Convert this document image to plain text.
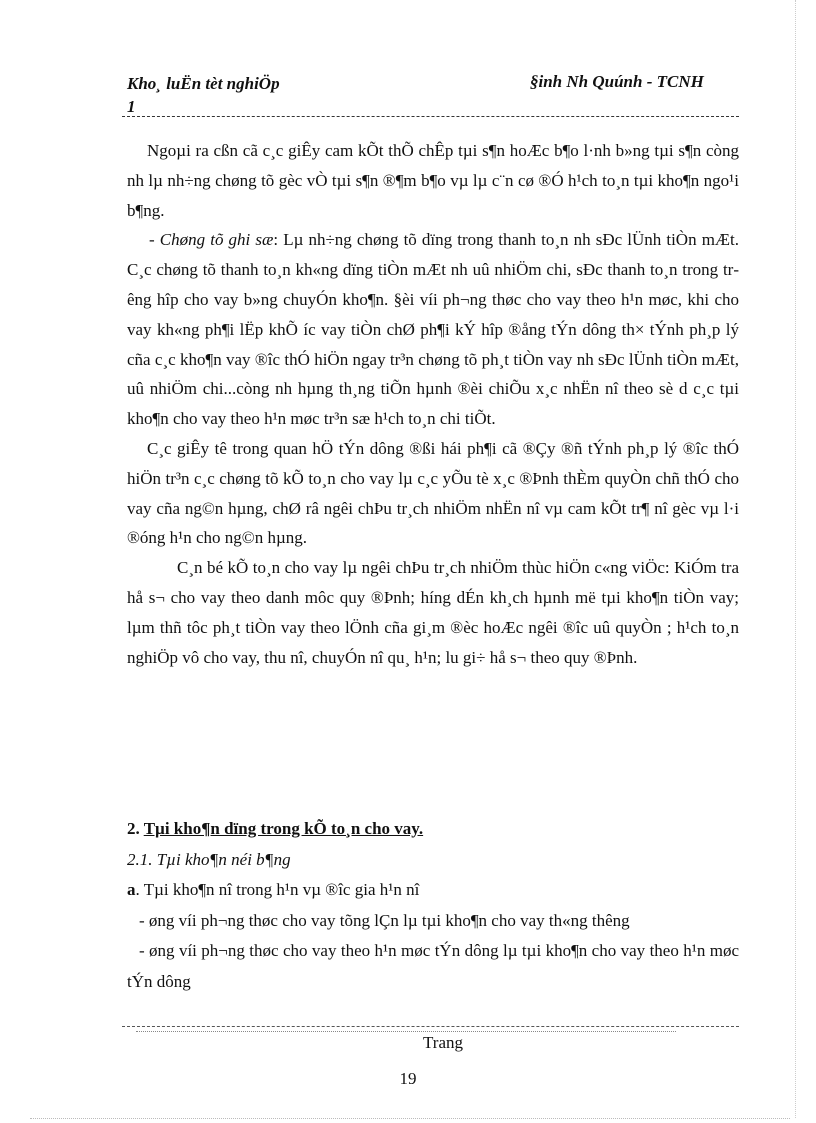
Kho¸ luËn tèt nghiÖp
1
§inh Nh Quúnh - TCNH

Ngoµi ra cßn cã c¸c giÊy cam kÕt thÕ chÊp tµi s¶n hoÆc b¶o l·nh b»ng tµi s¶n còng nh lµ nh÷ng chøng tõ gèc vÒ tµi s¶n ®¶m b¶o vµ lµ c¨n cø ®Ó h¹ch to¸n tµi kho¶n ngo¹i b¶ng.

- Chøng tõ ghi sæ: Lµ nh÷ng chøng tõ dïng trong thanh to¸n nh sÐc lÜnh tiÒn mÆt. C¸c chøng tõ thanh to¸n kh«ng dïng tiÒn mÆt nh uû nhiÖm chi, sÐc thanh to¸n trong trêng hîp cho vay b»ng chuyÓn kho¶n. §èi víi ph¬ng thøc cho vay theo h¹n møc, khi cho vay kh«ng ph¶i lËp khÕ íc vay tiÒn chØ ph¶i kÝ hîp ®ång tÝn dông th× tÝnh ph¸p lý cña c¸c kho¶n vay ®îc thÓ hiÖn ngay tr³n chøng tõ ph¸t tiÒn vay nh sÐc lÜnh tiÒn mÆt, uû nhiÖm chi...còng nh hµng th¸ng tiÕn hµnh ®èi chiÕu x¸c nhËn nî theo sè d c¸c tµi kho¶n cho vay theo h¹n møc tr³n sæ h¹ch to¸n chi tiÕt.

C¸c giÊy tê trong quan hÖ tÝn dông ®ßi hái ph¶i cã ®Çy ®ñ tÝnh ph¸p lý ®îc thÓ hiÖn tr³n c¸c chøng tõ kÕ to¸n cho vay lµ c¸c yÕu tè x¸c ®Þnh thÈm quyÒn chñ thÓ cho vay cña ng©n hµng, chØ râ ngêi chÞu tr¸ch nhiÖm nhËn nî vµ cam kÕt tr¶ nî gèc vµ l·i ®óng h¹n cho ng©n hµng.

C¸n bé kÕ to¸n cho vay lµ ngêi chÞu tr¸ch nhiÖm thùc hiÖn c«ng viÖc: KiÓm tra hå s¬ cho vay theo danh môc quy ®Þnh; híng dÉn kh¸ch hµnh më tµi kho¶n tiÒn vay; lµm thñ tôc ph¸t tiÒn vay theo lÖnh cña gi¸m ®èc hoÆc ngêi ®îc uû quyÒn ; h¹ch to¸n nghiÖp vô cho vay, thu nî, chuyÓn nî qu¸ h¹n; lu gi÷ hå s¬ theo quy ®Þnh.

2. Tµi kho¶n dïng trong kÕ to¸n cho vay.

2.1. Tµi kho¶n néi b¶ng

a. Tµi kho¶n nî trong h¹n vµ ®îc gia h¹n nî

- øng víi ph¬ng thøc cho vay tõng lÇn lµ tµi kho¶n cho vay th«ng thêng

- øng víi ph¬ng thøc cho vay theo h¹n møc tÝn dông lµ tµi kho¶n cho vay theo h¹n møc tÝn dông

Trang
19
